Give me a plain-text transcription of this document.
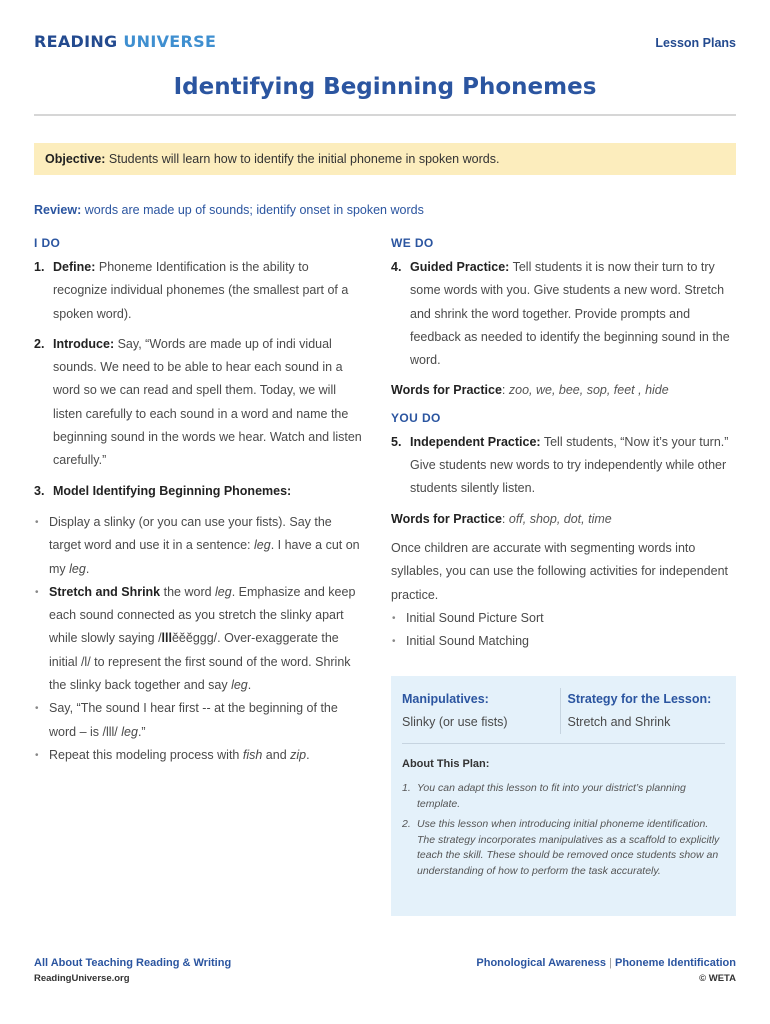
READING UNIVERSE	Lesson Plans
Identifying Beginning Phonemes
Objective: Students will learn how to identify the initial phoneme in spoken words.
Review: words are made up of sounds; identify onset in spoken words
I DO
1. Define: Phoneme Identification is the ability to recognize individual phonemes (the smallest part of a spoken word).
2. Introduce: Say, “Words are made up of indi vidual sounds. We need to be able to hear each sound in a word so we can read and spell them. Today, we will listen carefully to each sound in a word and name the beginning sound in the words we hear. Watch and listen carefully.”
3. Model Identifying Beginning Phonemes:
• Display a slinky (or you can use your fists). Say the target word and use it in a sentence: leg. I have a cut on my leg.
• Stretch and Shrink the word leg. Emphasize and keep each sound connected as you stretch the slinky apart while slowly saying /lllĕĕĕggg/. Over-exaggerate the initial /l/ to represent the first sound of the word. Shrink the slinky back together and say leg.
• Say, “The sound I hear first -- at the beginning of the word – is /lll/ leg.”
• Repeat this modeling process with fish and zip.
WE DO
4. Guided Practice: Tell students it is now their turn to try some words with you. Give students a new word. Stretch and shrink the word together. Provide prompts and feedback as needed to identify the beginning sound in the word.
Words for Practice: zoo, we, bee, sop, feet , hide
YOU DO
5. Independent Practice: Tell students, “Now it’s your turn.” Give students new words to try independently while other students silently listen.
Words for Practice: off, shop, dot, time
Once children are accurate with segmenting words into syllables, you can use the following activities for independent practice.
• Initial Sound Picture Sort
• Initial Sound Matching
Manipulatives:
Slinky (or use fists)
Strategy for the Lesson:
Stretch and Shrink
About This Plan:
1. You can adapt this lesson to fit into your district’s planning template.
2. Use this lesson when introducing initial phoneme identification. The strategy incorporates manipulatives as a scaffold to explicitly teach the skill. These should be removed once students show an understanding of how to perform the task accurately.
All About Teaching Reading & Writing
ReadingUniverse.org
Phonological Awareness | Phoneme Identification
© WETA
